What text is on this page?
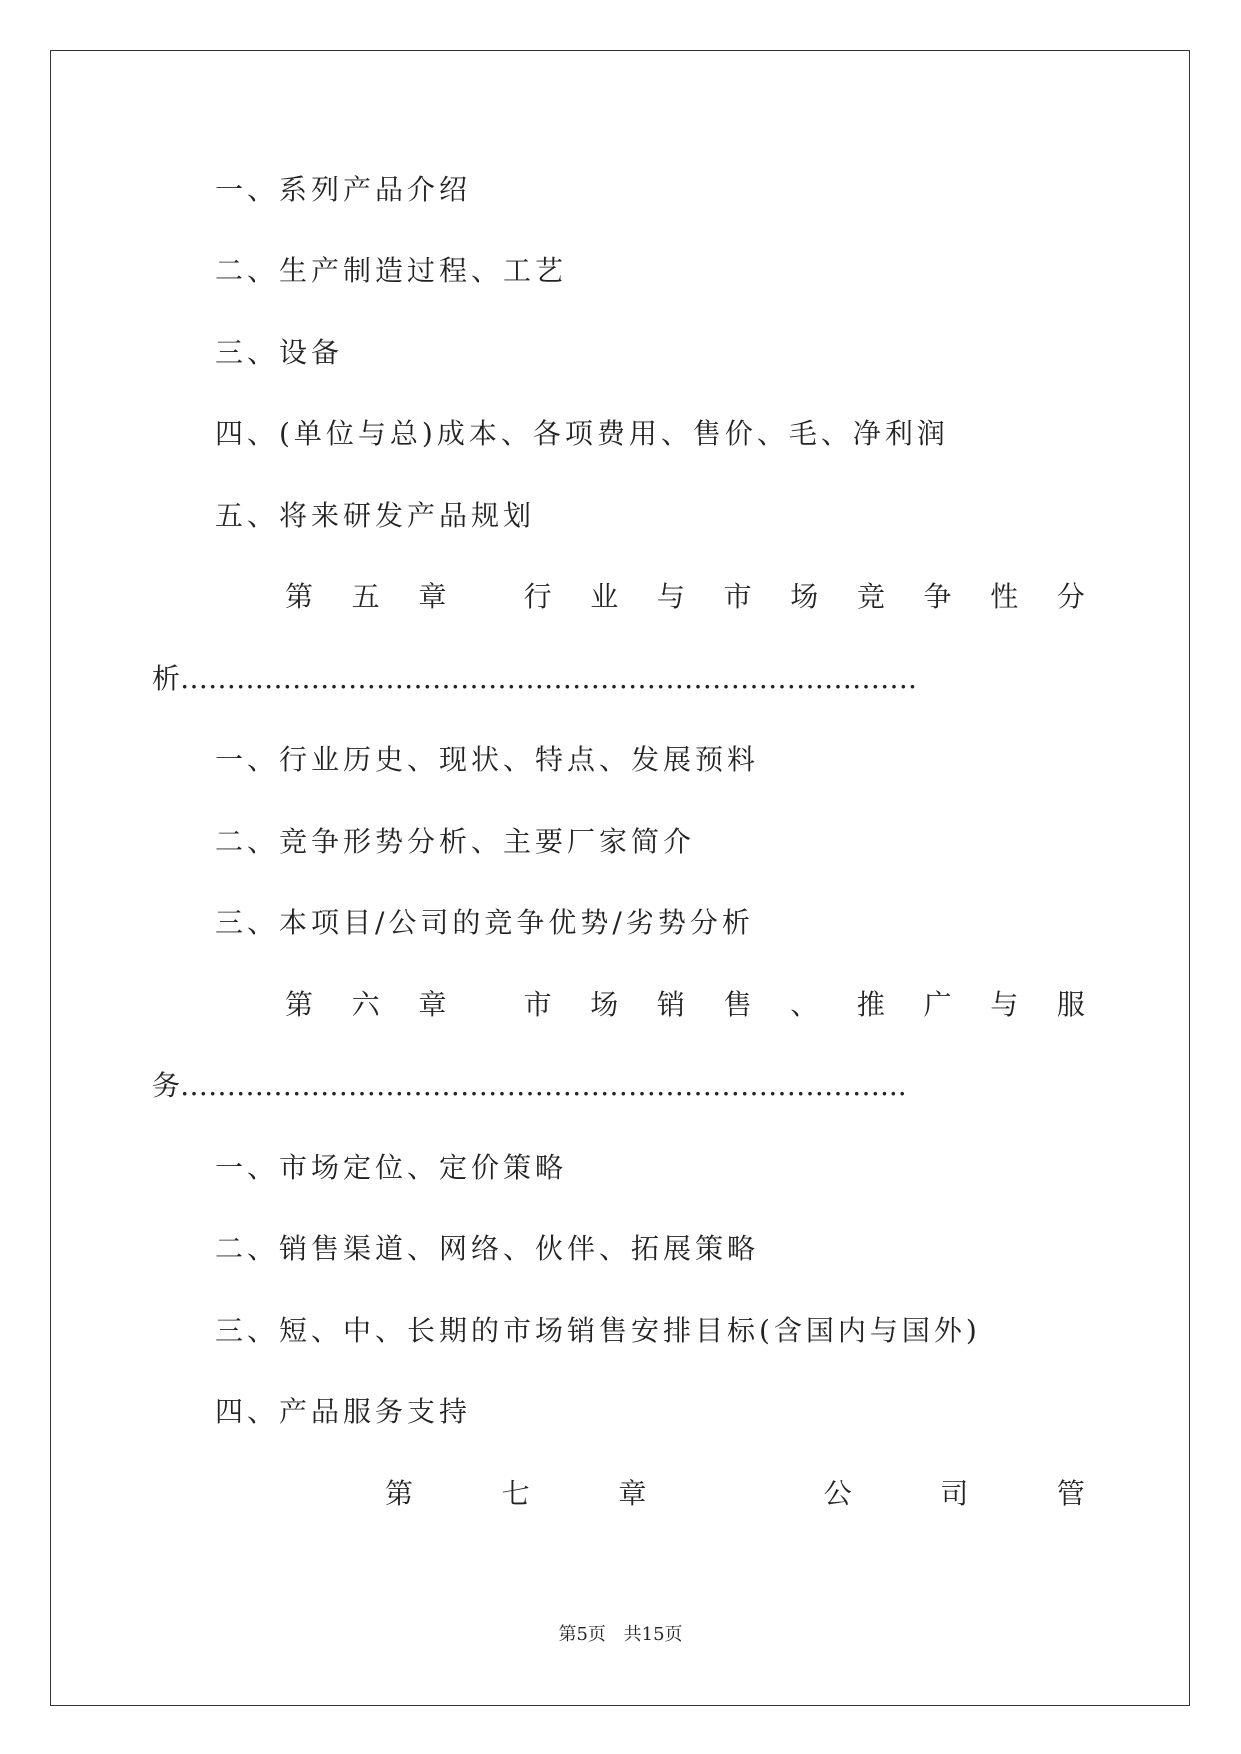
一、系列产品介绍
二、生产制造过程、工艺
三、设备
四、(单位与总)成本、各项费用、售价、毛、净利润
五、将来研发产品规划
第 五 章	行 业 与 市 场 竞 争 性 分
析…………………………………………………………………….
一、行业历史、现状、特点、发展预料
二、竞争形势分析、主要厂家简介
三、本项目/公司的竞争优势/劣势分析
第 六 章	市 场 销 售 、 推 广 与 服
务…………………………………………………………………...
一、市场定位、定价策略
二、销售渠道、网络、伙伴、拓展策略
三、短、中、长期的市场销售安排目标(含国内与国外)
四、产品服务支持
第	七	章	公	司	管
第5页 共15页
